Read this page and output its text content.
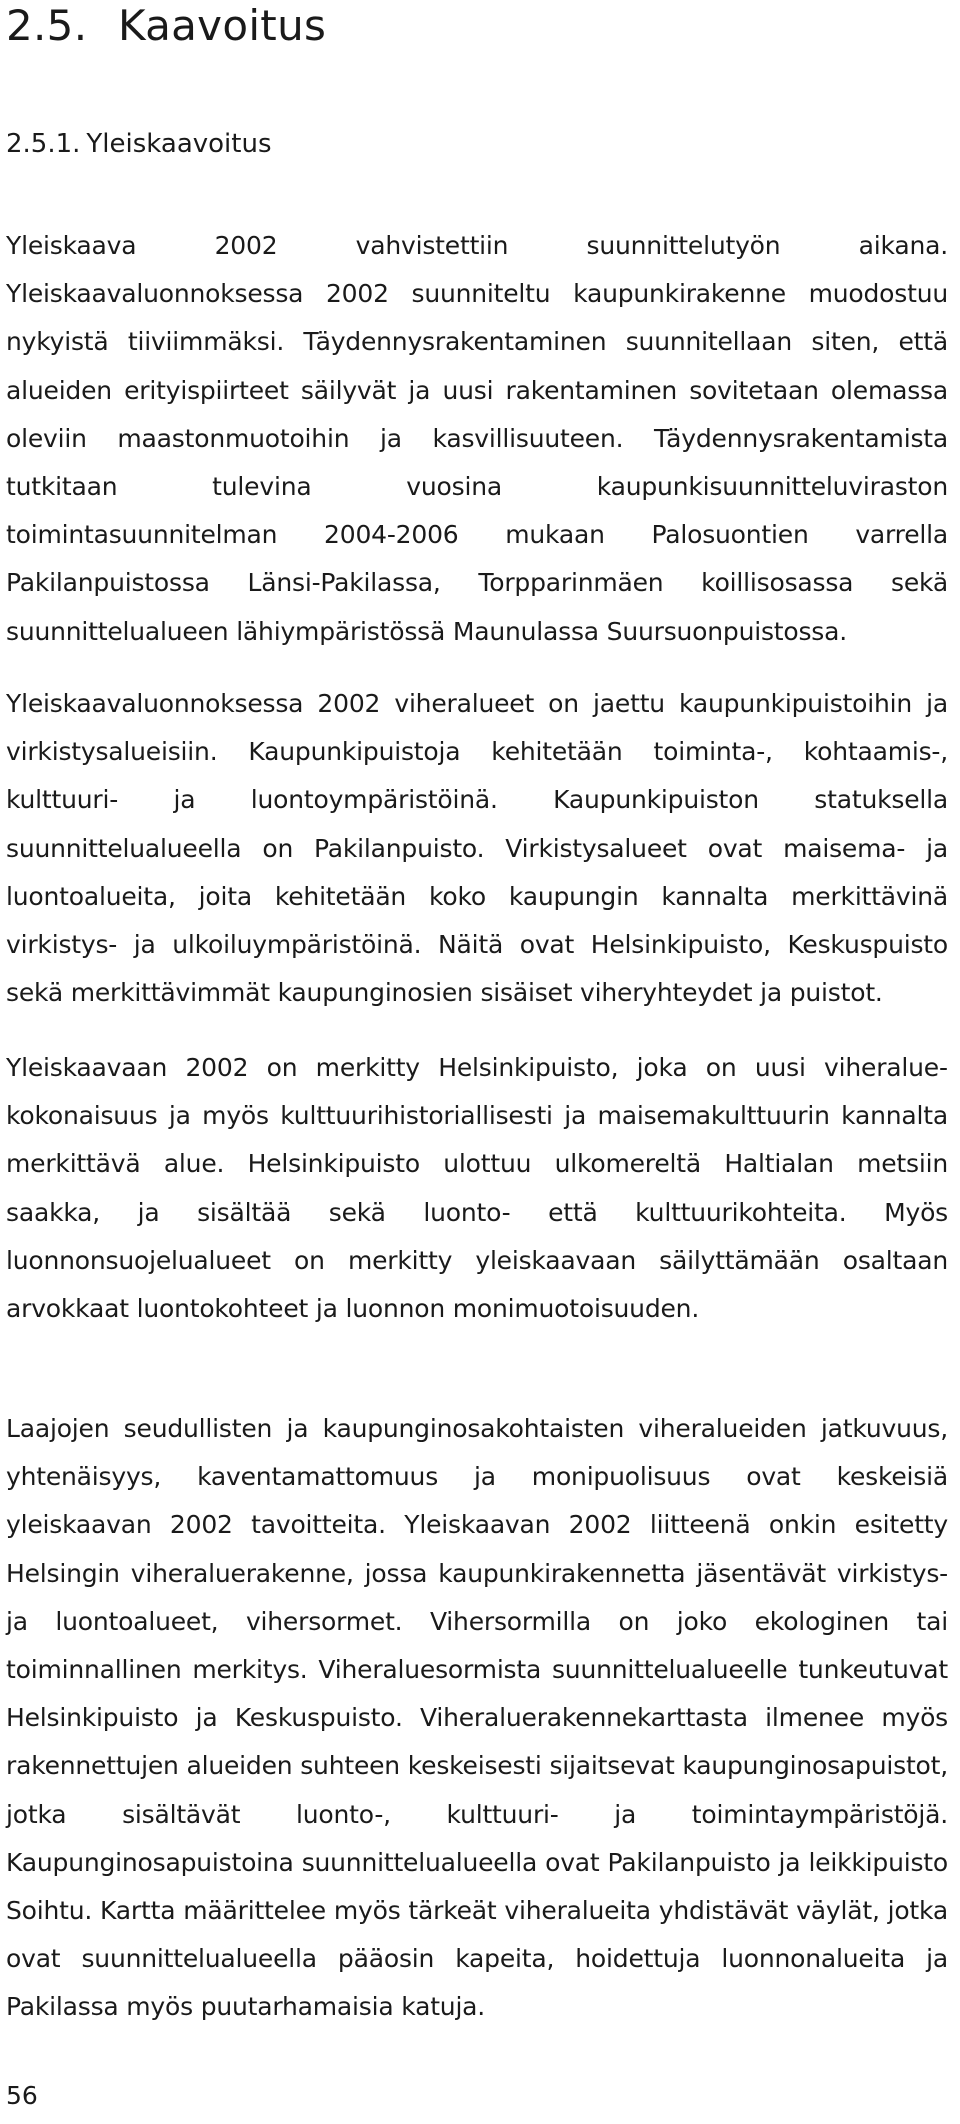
2.5. Kaavoitus
2.5.1. Yleiskaavoitus

Yleiskaava 2002 vahvistettiin suunnittelutyön aikana. Yleiskaavaluonnoksessa 2002 suunniteltu kaupunkirakenne muodostuu nykyistä tiiviimmäksi. Täydennysrakentaminen suunnitellaan siten, että alueiden erityispiirteet säilyvät ja uusi rakentaminen sovitetaan olemassa oleviin maastonmuotoihin ja kasvillisuuteen. Täydennysrakentamista tutkitaan tulevina vuosina kaupunkisuunnitteluviraston toimintasuunnitelman 2004-2006 mukaan Palosuontien varrella Pakilanpuistossa Länsi-Pakilassa, Torpparinmäen koillisosassa sekä suunnittelualueen lähiympäristössä Maunulassa Suursuonpuistossa.

Yleiskaavaluonnoksessa 2002 viheralueet on jaettu kaupunkipuistoihin ja virkistysalueisiin. Kaupunkipuistoja kehitetään toiminta-, kohtaamis-, kulttuuri- ja luontoympäristöinä. Kaupunkipuiston statuksella suunnittelualueella on Pakilanpuisto. Virkistysalueet ovat maisema- ja luontoalueita, joita kehitetään koko kaupungin kannalta merkittävinä virkistys- ja ulkoiluympäristöinä. Näitä ovat Helsinkipuisto, Keskuspuisto sekä merkittävimmät kaupunginosien sisäiset viheryhteydet ja puistot.

Yleiskaavaan 2002 on merkitty Helsinkipuisto, joka on uusi viheraluekokonaisuus ja myös kulttuurihistoriallisesti ja maisemakulttuurin kannalta merkittävä alue. Helsinkipuisto ulottuu ulkomereltä Haltialan metsiin saakka, ja sisältää sekä luonto- että kulttuurikohteita. Myös luonnonsuojelualueet on merkitty yleiskaavaan säilyttämään osaltaan arvokkaat luontokohteet ja luonnon monimuotoisuuden.

Laajojen seudullisten ja kaupunginosakohtaisten viheralueiden jatkuvuus, yhtenäisyys, kaventamattomuus ja monipuolisuus ovat keskeisiä yleiskaavan 2002 tavoitteita. Yleiskaavan 2002 liitteenä onkin esitetty Helsingin viheraluerakenne, jossa kaupunkirakennetta jäsentävät virkistys- ja luontoalueet, vihersormet. Vihersormilla on joko ekologinen tai toiminnallinen merkitys. Viheraluesormista suunnittelualueelle tunkeutuvat Helsinkipuisto ja Keskuspuisto. Viheraluerakennekarttasta ilmenee myös rakennettujen alueiden suhteen keskeisesti sijaitsevat kaupunginosapuistot, jotka sisältävät luonto-, kulttuuri- ja toimintaympäristöjä. Kaupunginosapuistoina suunnittelualueella ovat Pakilanpuisto ja leikkipuisto Soihtu. Kartta määrittelee myös tärkeät viheralueita yhdistävät väylät, jotka ovat suunnittelualueella pääosin kapeita, hoidettuja luonnonalueita ja Pakilassa myös puutarhamaisia katuja.

56
